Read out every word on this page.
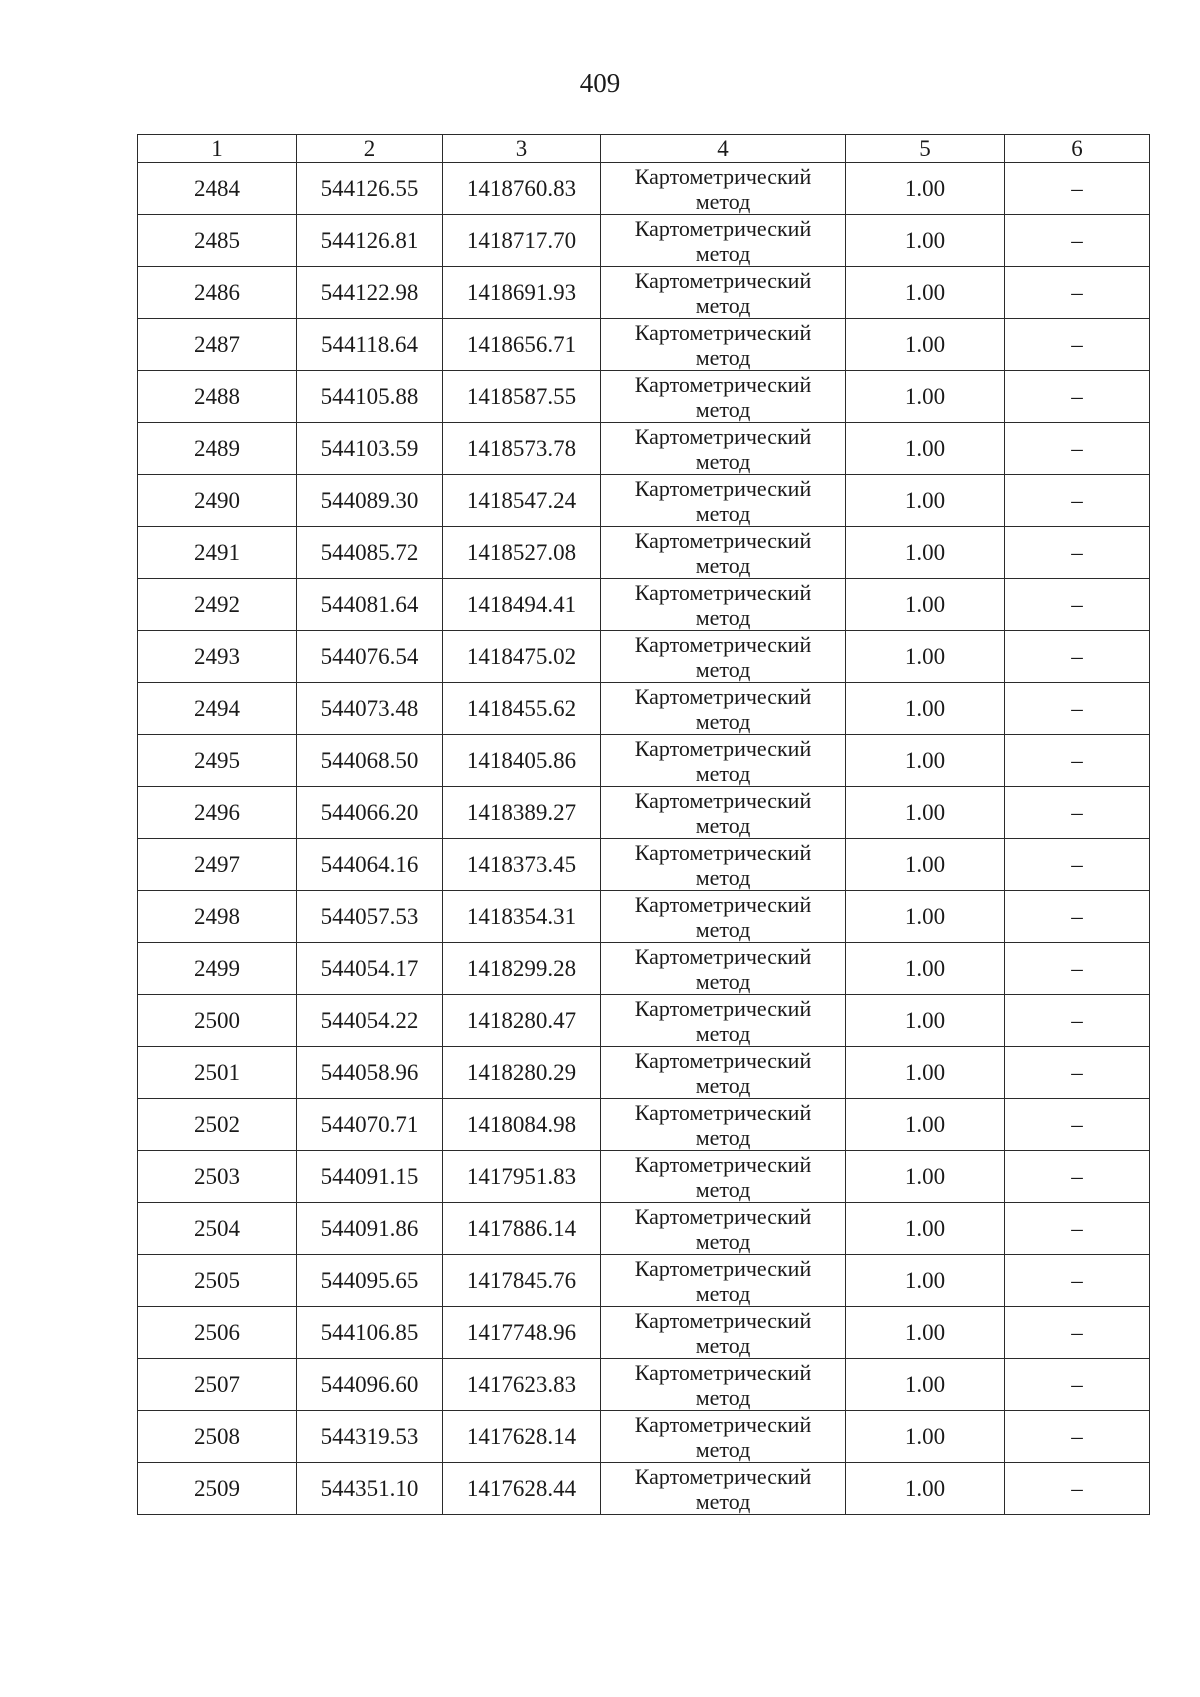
409
1	2	3	4	5	6
2484	544126.55	1418760.83	Картометрический метод	1.00	–
2485	544126.81	1418717.70	Картометрический метод	1.00	–
2486	544122.98	1418691.93	Картометрический метод	1.00	–
2487	544118.64	1418656.71	Картометрический метод	1.00	–
2488	544105.88	1418587.55	Картометрический метод	1.00	–
2489	544103.59	1418573.78	Картометрический метод	1.00	–
2490	544089.30	1418547.24	Картометрический метод	1.00	–
2491	544085.72	1418527.08	Картометрический метод	1.00	–
2492	544081.64	1418494.41	Картометрический метод	1.00	–
2493	544076.54	1418475.02	Картометрический метод	1.00	–
2494	544073.48	1418455.62	Картометрический метод	1.00	–
2495	544068.50	1418405.86	Картометрический метод	1.00	–
2496	544066.20	1418389.27	Картометрический метод	1.00	–
2497	544064.16	1418373.45	Картометрический метод	1.00	–
2498	544057.53	1418354.31	Картометрический метод	1.00	–
2499	544054.17	1418299.28	Картометрический метод	1.00	–
2500	544054.22	1418280.47	Картометрический метод	1.00	–
2501	544058.96	1418280.29	Картометрический метод	1.00	–
2502	544070.71	1418084.98	Картометрический метод	1.00	–
2503	544091.15	1417951.83	Картометрический метод	1.00	–
2504	544091.86	1417886.14	Картометрический метод	1.00	–
2505	544095.65	1417845.76	Картометрический метод	1.00	–
2506	544106.85	1417748.96	Картометрический метод	1.00	–
2507	544096.60	1417623.83	Картометрический метод	1.00	–
2508	544319.53	1417628.14	Картометрический метод	1.00	–
2509	544351.10	1417628.44	Картометрический метод	1.00	–
